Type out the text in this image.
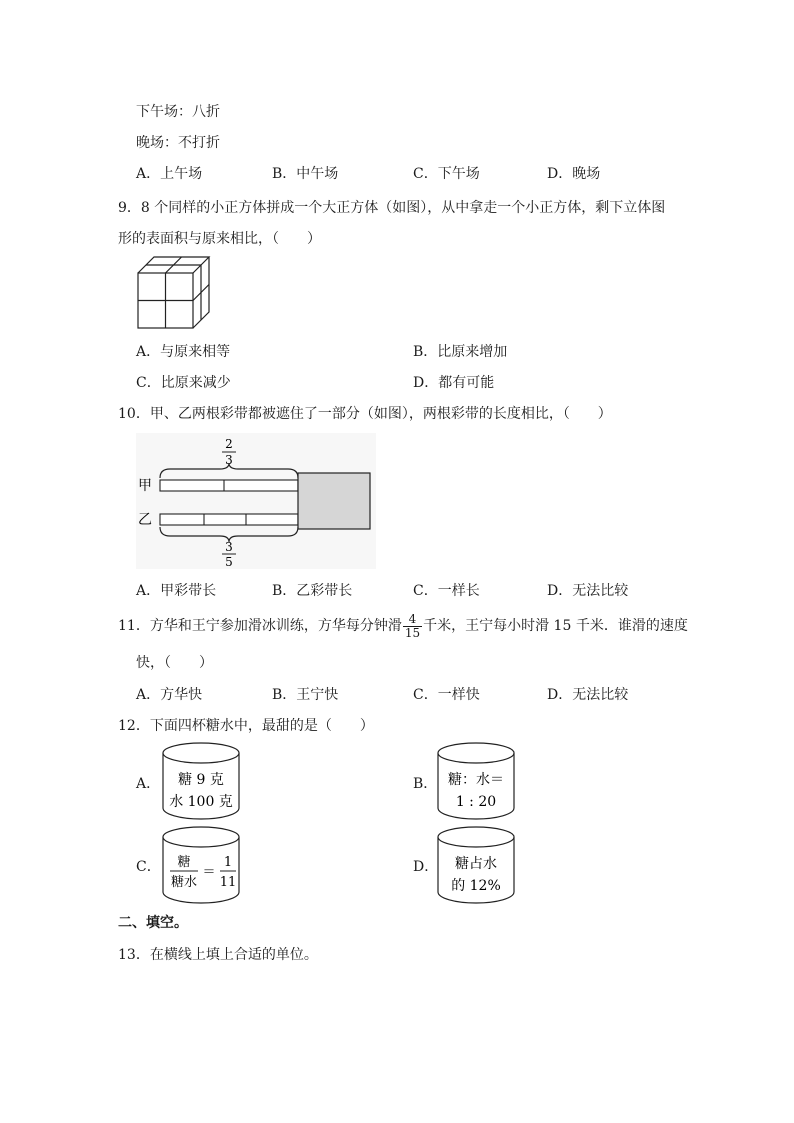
下午场：八折
晚场：不打折
A．上午场	B．中午场	C．下午场	D．晚场
9．8 个同样的小正方体拼成一个大正方体（如图），从中拿走一个小正方体，剩下立体图
形的表面积与原来相比，（　　）
A．与原来相等	B．比原来增加
C．比原来减少	D．都有可能
10．甲、乙两根彩带都被遮住了一部分（如图），两根彩带的长度相比，（　　）
2
3
甲
乙
3
5
A．甲彩带长	B．乙彩带长	C．一样长	D．无法比较
11．方华和王宁参加滑冰训练，方华每分钟滑 $\frac{4}{15}$ 千米，王宁每小时滑 15 千米．谁滑的速度
快，（　　）
A．方华快	B．王宁快	C．一样快	D．无法比较
12．下面四杯糖水中，最甜的是（　　）
A． 糖 9 克
水 100 克
B． 糖：水＝
1 : 20
C． 糖
糖水
＝
1
11
D． 糖占水
的 12%
二、填空。
13．在横线上填上合适的单位。
